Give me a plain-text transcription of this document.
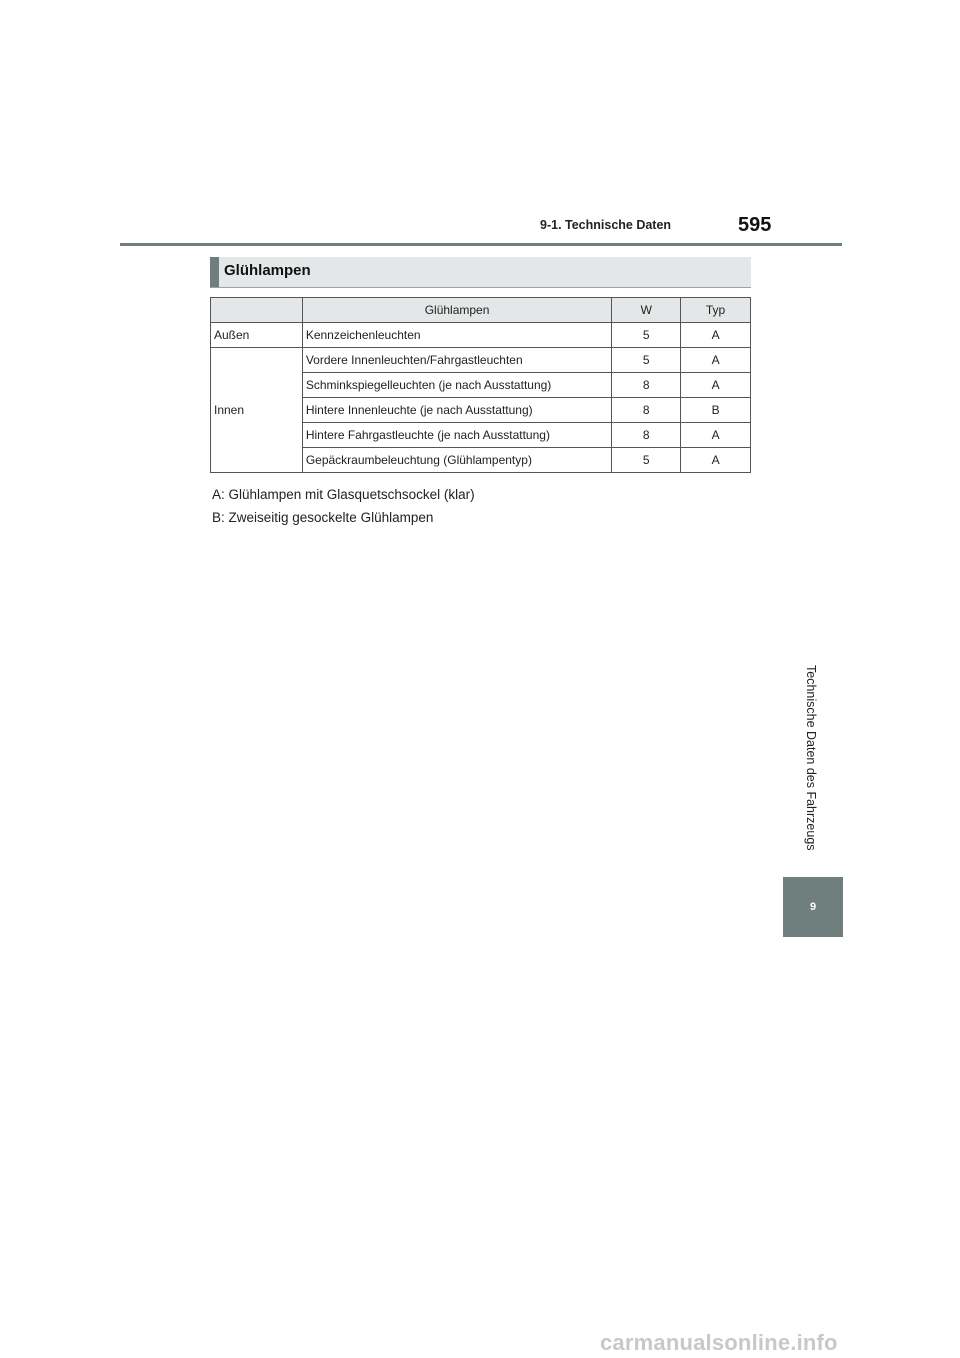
9-1. Technische Daten	595
Glühlampen
	Glühlampen	W	Typ
Außen	Kennzeichenleuchten	5	A
Innen	Vordere Innenleuchten/Fahrgastleuchten	5	A
	Schminkspiegelleuchten (je nach Ausstattung)	8	A
	Hintere Innenleuchte (je nach Ausstattung)	8	B
	Hintere Fahrgastleuchte (je nach Ausstattung)	8	A
	Gepäckraumbeleuchtung (Glühlampentyp)	5	A

A: Glühlampen mit Glasquetschsockel (klar)

B: Zweiseitig gesockelte Glühlampen

Technische Daten des Fahrzeugs
9
carmanualsonline.info
